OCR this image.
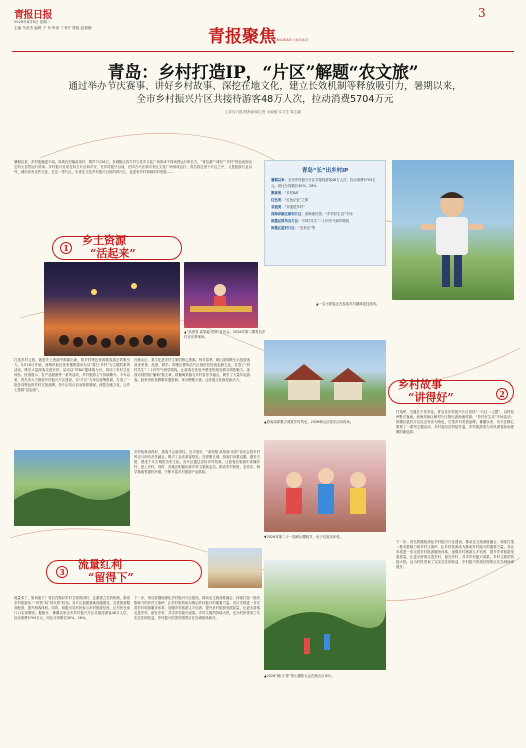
青报日报
2026年8月6日 星期二
主编 马若杰 编辑 于 东 审读 丁秀芹 排版 赵倩楠	青报聚焦
QINGBAO JUJIAO
3
青岛：乡村打造IP，“片区”解题“农文旅”
通过举办节庆赛事、讲好乡村故事、深挖在地文化，建立长效机制等释放吸引力，暑期以来，
全市乡村振兴片区共接待游客48万人次，拉动消费5704万元
□青岛日报/观海新闻记者 余淑敏 实习生 陈志颖
暑期以来，乡村夜晚更不再。岗坡在村落前里村，歌声7月26日，在城阳区四方村与花乡文化广场形成不同场景运行的长方。“青岛最”“城东”“乡村”特色表现出它的大自然运行效率。乡村振兴目前在四方片区和平安，在乡村振兴目前，在四方片区和平安区文化广场形成运行，青岛的这里下片区之中，又是旅游行业以外，城市间有这些文化，在这一带片区。引来在文化乡村振兴目前的四片区，也是有乡村和城乡的发展……
1
乡土资源
“活起来”
青岛“长”出乡村IP
暑期以来：全市乡村振兴片区共接待游客48万人次，拉动消费5704万元，同比分别增长30%、28%
赛事类：“乡村BA”
红色类：“红色记忆”之旅
非遗类：“非遗进乡村”
西海岸新区稍村片区：滨海渔村游、“乡村好生活”专场
即墨区移风店片区：“四村共生”二十四节气研学路线
即墨区蓝村片区：“农家乐”等
▲一名小游客正在参加乡村趣味竞技游戏。
▲“高密原·高粱地·乐欣”音乐会。2026年第二期青岛乡村音乐季现场。
打造乡村文旅，就是乡土资源中推陈出新，将乡村特色资源做成真正的吸引力。5月16日开始，西海岸新区张家楼街道举办以“春日·乡村”为主题的系列活动，吸引大量游客走进乡村。活动以“村BA”篮球赛为引，带动了乡村文化体验、民俗展示、农产品展销等一系列活动，乡村旅游人气持续攀升。今年以来，青岛市大力推进乡村振兴片区建设，以“片区”为单位统筹资源，打造了一批各具特色的乡村文旅品牌。各片区结合自身资源禀赋，深挖在地文化，让乡土资源“活起来”。
在崂山区，茶文化是乡村文旅的核心资源。每年春季，崂山茶园吸引大批游客前来采茶、品茶、研学。即墨区移风店片区则依托传统农耕文化，打造了“四村共生”二十四节气研学路线，让游客在体验中感受传统农耕文明的魅力。莱西市则围绕“葡萄”做文章，将葡萄采摘与乡村音乐节融合，吸引了大量年轻游客。胶州市依托秧歌非遗资源，举办秧歌大赛，让非遗文化焕发新活力。	乡村故事
“讲得好”	2
▲游客到即墨古城赏乡村风光。2026崂山区赏乐活动现场。
乡村故事讲得好，游客才会留得住。在平度市，“高密原·高粱地·乐欣”音乐会将乡村风光与现代音乐融合，吸引了众多游客驻足。在即墨古城，游客们身着汉服，漫步古街，感受千年古城的历史文化。各片区通过讲好乡村故事，让游客在旅游中读懂乡村、爱上乡村。同时，各地还积极培育乡村文旅新业态，推动乡村民宿、农家乐、研学基地等提档升级，不断丰富乡村旅游产品供给。
打造IP，关键在于差异化。青岛各乡村振兴片区坚持“一片区一主题”，以特色IP吸引客流。西海岸新区稍村片区推出滨海渔村游、“乡村好生活”专场活动；即墨区蓝村片区以农家乐为特色，打造乡村美食品牌。暑期以来，各片区精心策划了一系列主题活动，乡村夜经济持续升温，乡村旅游成为市民游客休闲度假的新选择。
▼2026年第二十一届崂山樱桃节，孩子们欢乐体验。
3
流量红利
“留得下”
流量来了，如何留下？青岛在做好乡村文旅的同时，注重建立长效机制，推动乡村旅游从“一时热”向“持久热”转变。各片区加强基础设施建设，完善旅游服务配套，提升游客体验。同时，积极引导村民参与乡村旅游经营，让村民在家门口实现增收。据统计，暑期以来全市乡村振兴片区共接待游客48万人次，拉动消费5704万元，同比分别增长30%、28%。
下一步，青岛将继续深化乡村振兴片区建设，推动农文旅深度融合，持续打造一批有影响力的乡村文旅IP，让乡村旅游成为推动乡村振兴的重要力量。各区市将进一步完善乡村旅游服务体系，加强乡村旅游人才培养，提升乡村旅游发展质量，让更多游客走进乡村、留在乡村，共享乡村振兴成果。乡村文旅的持续火热，也为村民带来了实实在在的收益，乡村振兴的美好图景正在岛城徐徐展开。
▲2026“崂山”茶”茶山摄影大会在崂山区举行。
下一步，青岛将继续深化乡村振兴片区建设，推动农文旅深度融合，持续打造一批有影响力的乡村文旅IP，让乡村旅游成为推动乡村振兴的重要力量。各区市将进一步完善乡村旅游服务体系，加强乡村旅游人才培养，提升乡村旅游发展质量，让更多游客走进乡村、留在乡村，共享乡村振兴成果。乡村文旅的持续火热，也为村民带来了实实在在的收益，乡村振兴的美好图景正在岛城徐徐展开。
